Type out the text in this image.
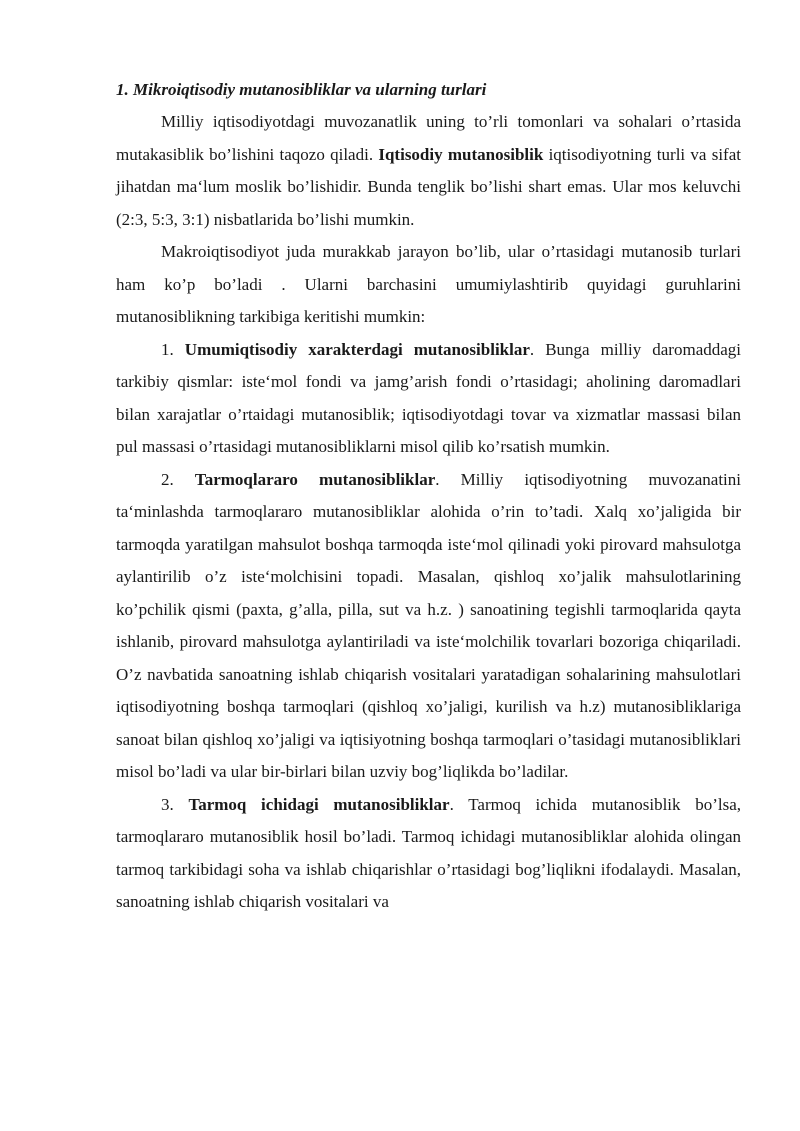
1. Mikroiqtisodiy mutanosibliklar va ularning turlari

Milliy iqtisodiyotdagi muvozanatlik uning to’rli tomonlari va sohalari o’rtasida mutakasiblik bo’lishini taqozo qiladi. Iqtisodiy mutanosiblik iqtisodiyotning turli va sifat jihatdan ma‘lum moslik bo’lishidir. Bunda tenglik bo’lishi shart emas. Ular mos keluvchi (2:3, 5:3, 3:1) nisbatlarida bo’lishi mumkin.

Makroiqtisodiyot juda murakkab jarayon bo’lib, ular o’rtasidagi mutanosib turlari ham ko’p bo’ladi . Ularni barchasini umumiylashtirib quyidagi guruhlarini mutanosiblikning tarkibiga keritishi mumkin:

1. Umumiqtisodiy xarakterdagi mutanosibliklar. Bunga milliy daromaddagi tarkibiy qismlar: iste‘mol fondi va jamg’arish fondi o’rtasidagi; aholining daromadlari bilan xarajatlar o’rtaidagi mutanosiblik; iqtisodiyotdagi tovar va xizmatlar massasi bilan pul massasi o’rtasidagi mutanosibliklarni misol qilib ko’rsatish mumkin.

2. Tarmoqlararo mutanosibliklar. Milliy iqtisodiyotning muvozanatini ta‘minlashda tarmoqlararo mutanosibliklar alohida o’rin to’tadi. Xalq xo’jaligida bir tarmoqda yaratilgan mahsulot boshqa tarmoqda iste‘mol qilinadi yoki pirovard mahsulotga aylantirilib o’z iste‘molchisini topadi. Masalan, qishloq xo’jalik mahsulotlarining ko’pchilik qismi (paxta, g’alla, pilla, sut va h.z. ) sanoatining tegishli tarmoqlarida qayta ishlanib, pirovard mahsulotga aylantiriladi va iste‘molchilik tovarlari bozoriga chiqariladi. O’z navbatida sanoatning ishlab chiqarish vositalari yaratadigan sohalarining mahsulotlari iqtisodiyotning boshqa tarmoqlari (qishloq xo’jaligi, kurilish va h.z) mutanosibliklariga sanoat bilan qishloq xo’jaligi va iqtisiyotning boshqa tarmoqlari o’tasidagi mutanosibliklari misol bo’ladi va ular bir-birlari bilan uzviy bog’liqlikda bo’ladilar.

3. Tarmoq ichidagi mutanosibliklar. Tarmoq ichida mutanosiblik bo’lsa, tarmoqlararo mutanosiblik hosil bo’ladi. Tarmoq ichidagi mutanosibliklar alohida olingan tarmoq tarkibidagi soha va ishlab chiqarishlar o’rtasidagi bog’liqlikni ifodalaydi. Masalan, sanoatning ishlab chiqarish vositalari va
